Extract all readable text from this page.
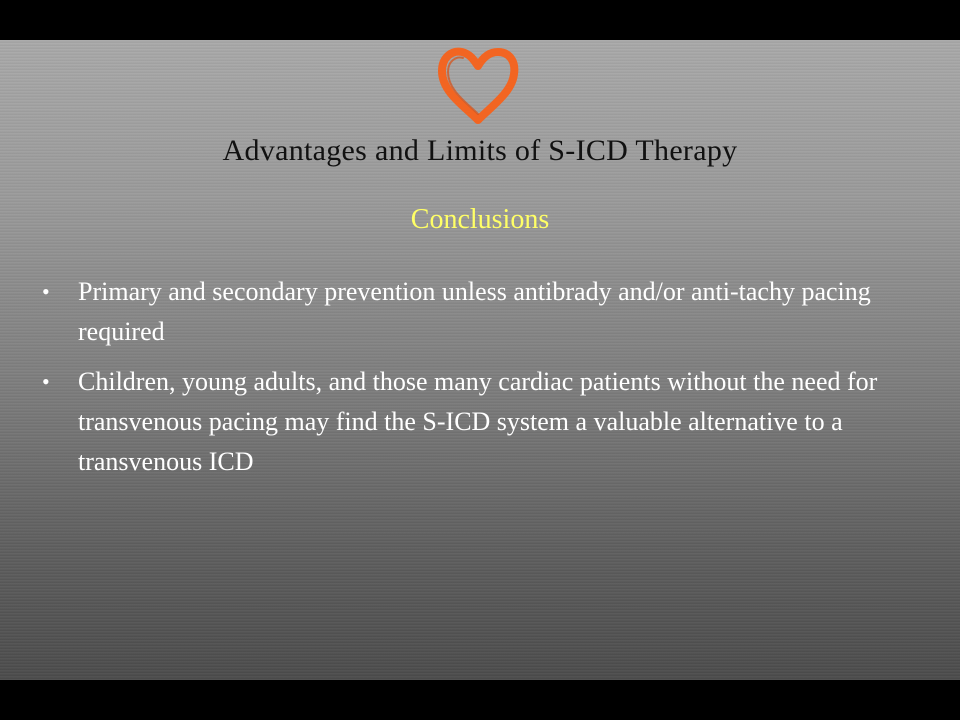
Advantages and Limits of S-ICD Therapy
Conclusions
• Primary and secondary prevention unless antibrady and/or anti-tachy pacing required
• Children, young adults, and those many cardiac patients without the need for transvenous pacing may find the S-ICD system a valuable alternative to a transvenous ICD
